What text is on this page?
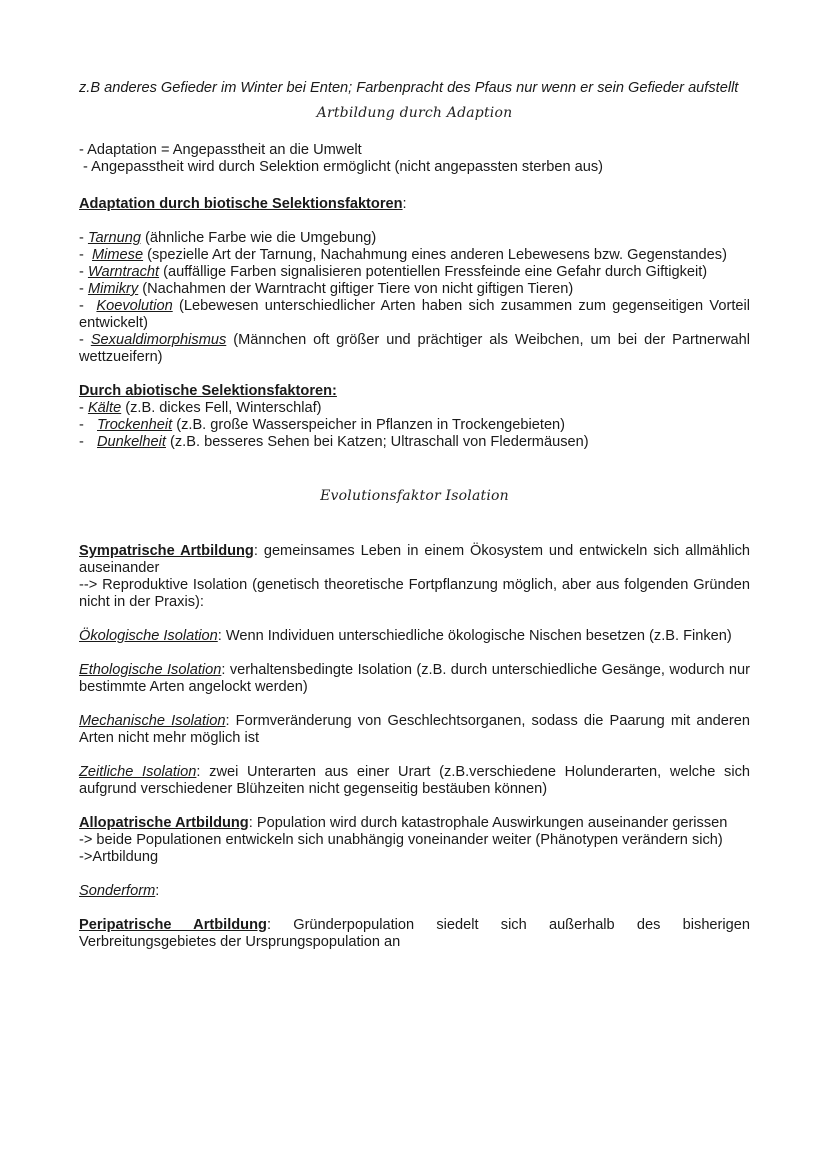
z.B anderes Gefieder im Winter bei Enten; Farbenpracht des Pfaus nur wenn er sein Gefieder aufstellt

Artbildung durch Adaption
- Adaptation = Angepasstheit an die Umwelt
- Angepasstheit wird durch Selektion ermöglicht (nicht angepassten sterben aus)
Adaptation durch biotische Selektionsfaktoren:
- Tarnung (ähnliche Farbe wie die Umgebung)
- Mimese (spezielle Art der Tarnung, Nachahmung eines anderen Lebewesens bzw. Gegenstandes)
- Warntracht (auffällige Farben signalisieren potentiellen Fressfeinde eine Gefahr durch Giftigkeit)
- Mimikry (Nachahmen der Warntracht giftiger Tiere von nicht giftigen Tieren)
- Koevolution (Lebewesen unterschiedlicher Arten haben sich zusammen zum gegenseitigen Vorteil entwickelt)
- Sexualdimorphismus (Männchen oft größer und prächtiger als Weibchen, um bei der Partnerwahl wettzueifern)
Durch abiotische Selektionsfaktoren:
- Kälte (z.B. dickes Fell, Winterschlaf)
- Trockenheit (z.B. große Wasserspeicher in Pflanzen in Trockengebieten)
- Dunkelheit (z.B. besseres Sehen bei Katzen; Ultraschall von Fledermäusen)
Evolutionsfaktor Isolation
Sympatrische Artbildung: gemeinsames Leben in einem Ökosystem und entwickeln sich allmählich auseinander
--> Reproduktive Isolation (genetisch theoretische Fortpflanzung möglich, aber aus folgenden Gründen nicht in der Praxis):
Ökologische Isolation: Wenn Individuen unterschiedliche ökologische Nischen besetzen (z.B. Finken)
Ethologische Isolation: verhaltensbedingte Isolation (z.B. durch unterschiedliche Gesänge, wodurch nur bestimmte Arten angelockt werden)
Mechanische Isolation: Formveränderung von Geschlechtsorganen, sodass die Paarung mit anderen Arten nicht mehr möglich ist
Zeitliche Isolation: zwei Unterarten aus einer Urart (z.B.verschiedene Holunderarten, welche sich aufgrund verschiedener Blühzeiten nicht gegenseitig bestäuben können)
Allopatrische Artbildung: Population wird durch katastrophale Auswirkungen auseinander gerissen
-> beide Populationen entwickeln sich unabhängig voneinander weiter (Phänotypen verändern sich)
->Artbildung
Sonderform:
Peripatrische Artbildung: Gründerpopulation siedelt sich außerhalb des bisherigen Verbreitungsgebietes der Ursprungspopulation an
